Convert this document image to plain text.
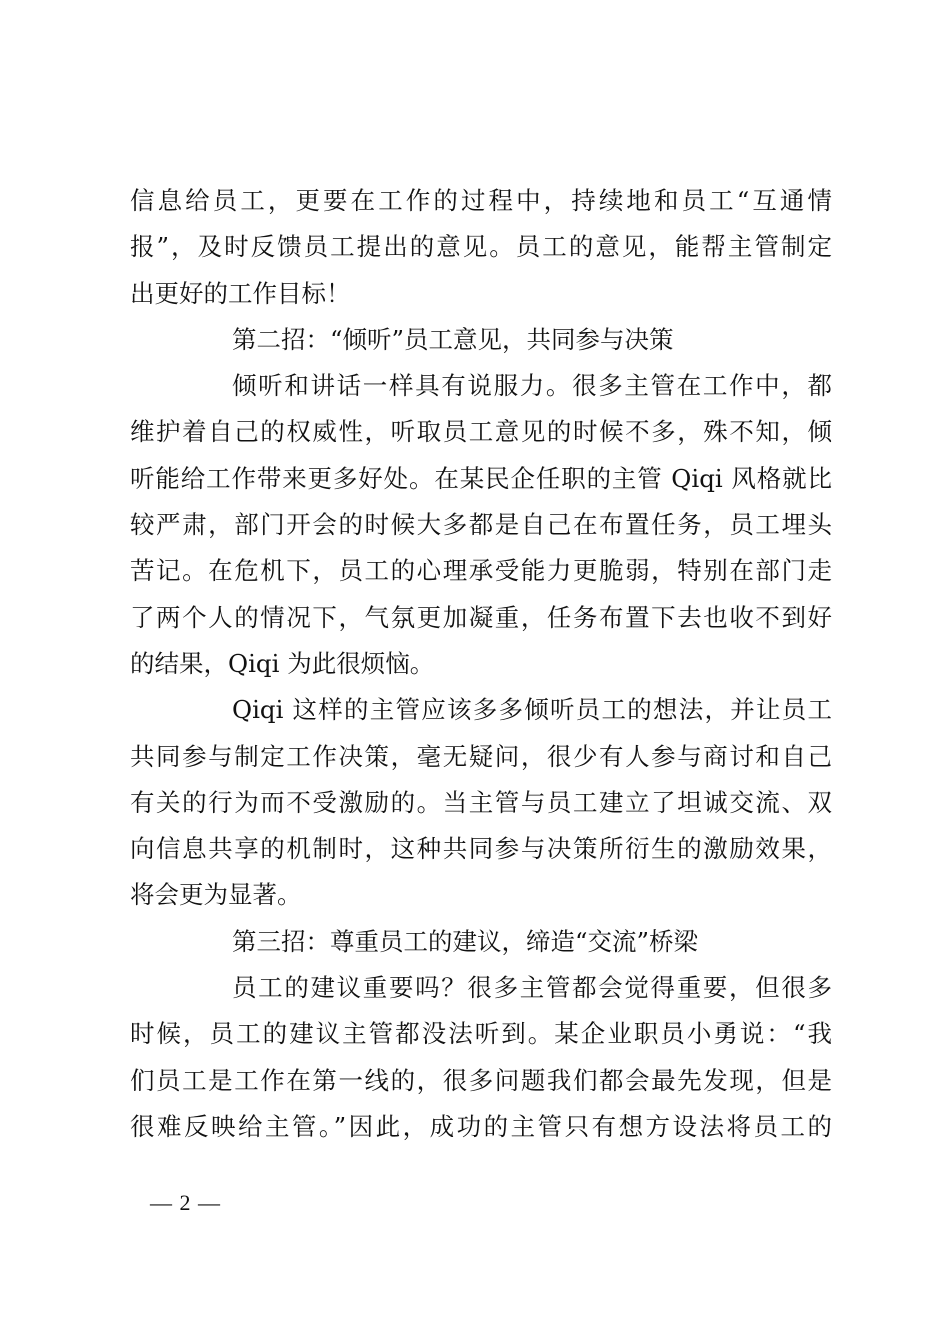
信息给员工，更要在工作的过程中，持续地和员工“互通情
报”，及时反馈员工提出的意见。员工的意见，能帮主管制定
出更好的工作目标！
第二招：“倾听”员工意见，共同参与决策
倾听和讲话一样具有说服力。很多主管在工作中，都
维护着自己的权威性，听取员工意见的时候不多，殊不知，倾
听能给工作带来更多好处。在某民企任职的主管 Qiqi 风格就比
较严肃，部门开会的时候大多都是自己在布置任务，员工埋头
苦记。在危机下，员工的心理承受能力更脆弱，特别在部门走
了两个人的情况下，气氛更加凝重，任务布置下去也收不到好
的结果，Qiqi 为此很烦恼。
Qiqi 这样的主管应该多多倾听员工的想法，并让员工
共同参与制定工作决策，毫无疑问，很少有人参与商讨和自己
有关的行为而不受激励的。当主管与员工建立了坦诚交流、双
向信息共享的机制时，这种共同参与决策所衍生的激励效果，
将会更为显著。
第三招：尊重员工的建议，缔造“交流”桥梁
员工的建议重要吗？很多主管都会觉得重要，但很多
时候，员工的建议主管都没法听到。某企业职员小勇说：“我
们员工是工作在第一线的，很多问题我们都会最先发现，但是
很难反映给主管。”因此，成功的主管只有想方设法将员工的
— 2 —
